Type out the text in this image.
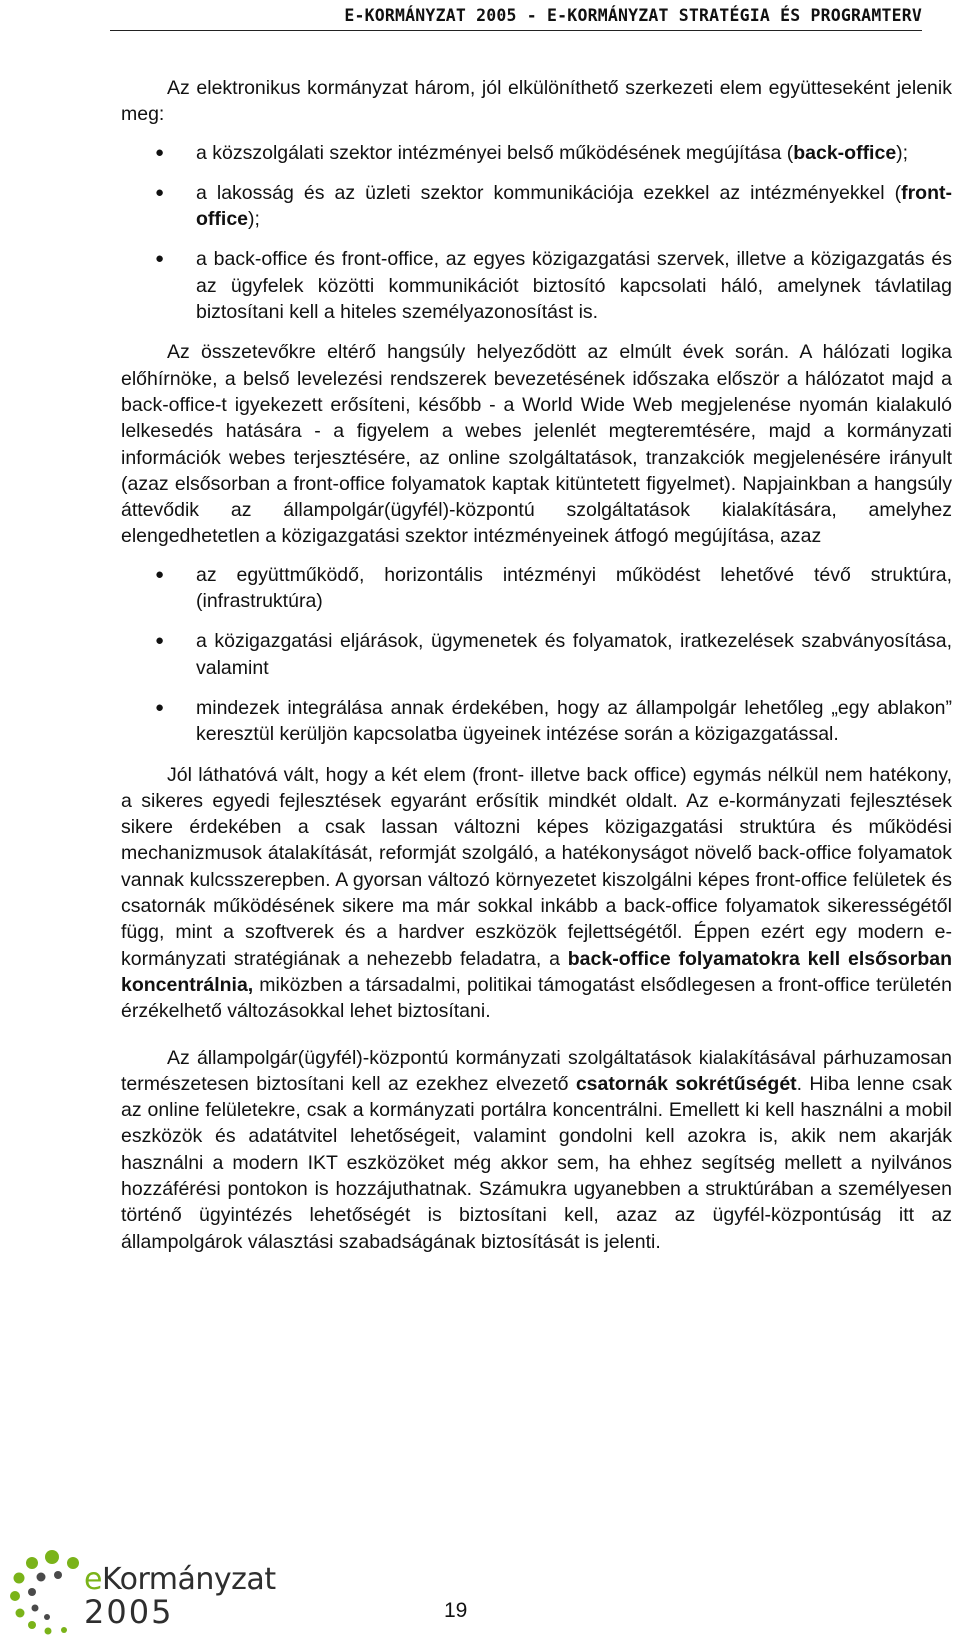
E-KORMÁNYZAT 2005 - E-KORMÁNYZAT STRATÉGIA ÉS PROGRAMTERV

Az elektronikus kormányzat három, jól elkülöníthető szerkezeti elem együtteseként jelenik meg:

● a közszolgálati szektor intézményei belső működésének megújítása (back-office);
● a lakosság és az üzleti szektor kommunikációja ezekkel az intézményekkel (front-office);
● a back-office és front-office, az egyes közigazgatási szervek, illetve a közigazgatás és az ügyfelek közötti kommunikációt biztosító kapcsolati háló, amelynek távlatilag biztosítani kell a hiteles személyazonosítást is.

Az összetevőkre eltérő hangsúly helyeződött az elmúlt évek során. A hálózati logika előhírnöke, a belső levelezési rendszerek bevezetésének időszaka először a hálózatot majd a back-office-t igyekezett erősíteni, később - a World Wide Web megjelenése nyomán kialakuló lelkesedés hatására - a figyelem a webes jelenlét megteremtésére, majd a kormányzati információk webes terjesztésére, az online szolgáltatások, tranzakciók megjelenésére irányult (azaz elsősorban a front-office folyamatok kaptak kitüntetett figyelmet). Napjainkban a hangsúly áttevődik az állampolgár(ügyfél)-központú szolgáltatások kialakítására, amelyhez elengedhetetlen a közigazgatási szektor intézményeinek átfogó megújítása, azaz

● az együttműködő, horizontális intézményi működést lehetővé tévő struktúra, (infrastruktúra)
● a közigazgatási eljárások, ügymenetek és folyamatok, iratkezelések szabványosítása, valamint
● mindezek integrálása annak érdekében, hogy az állampolgár lehetőleg „egy ablakon” keresztül kerüljön kapcsolatba ügyeinek intézése során a közigazgatással.

Jól láthatóvá vált, hogy a két elem (front- illetve back office) egymás nélkül nem hatékony, a sikeres egyedi fejlesztések egyaránt erősítik mindkét oldalt. Az e-kormányzati fejlesztések sikere érdekében a csak lassan változni képes közigazgatási struktúra és működési mechanizmusok átalakítását, reformját szolgáló, a hatékonyságot növelő back-office folyamatok vannak kulcsszerepben. A gyorsan változó környezetet kiszolgálni képes front-office felületek és csatornák működésének sikere ma már sokkal inkább a back-office folyamatok sikerességétől függ, mint a szoftverek és a hardver eszközök fejlettségétől. Éppen ezért egy modern e-kormányzati stratégiának a nehezebb feladatra, a back-office folyamatokra kell elsősorban koncentrálnia, miközben a társadalmi, politikai támogatást elsődlegesen a front-office területén érzékelhető változásokkal lehet biztosítani.

Az állampolgár(ügyfél)-központú kormányzati szolgáltatások kialakításával párhuzamosan természetesen biztosítani kell az ezekhez elvezető csatornák sokrétűségét. Hiba lenne csak az online felületekre, csak a kormányzati portálra koncentrálni. Emellett ki kell használni a mobil eszközök és adatátvitel lehetőségeit, valamint gondolni kell azokra is, akik nem akarják használni a modern IKT eszközöket még akkor sem, ha ehhez segítség mellett a nyilvános hozzáférési pontokon is hozzájuthatnak. Számukra ugyanebben a struktúrában a személyesen történő ügyintézés lehetőségét is biztosítani kell, azaz az ügyfél-központúság itt az állampolgárok választási szabadságának biztosítását is jelenti.

eKormányzat
2005	19
